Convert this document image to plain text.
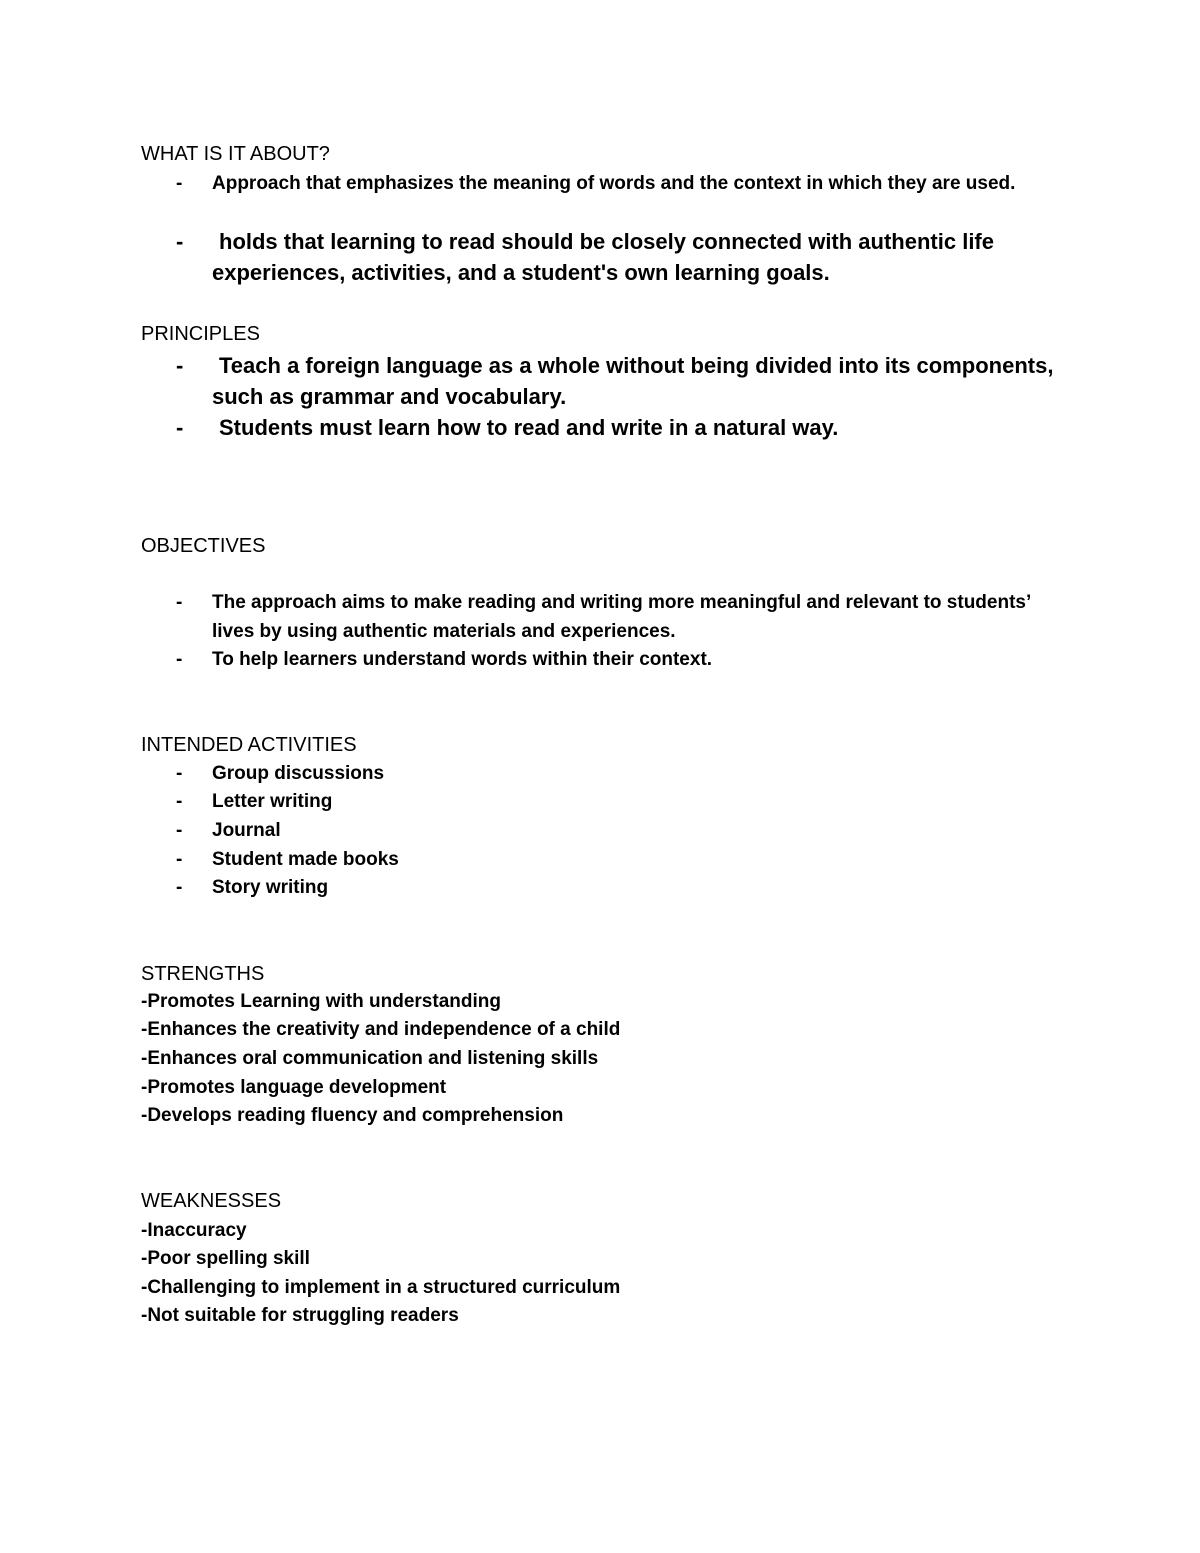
WHAT IS IT ABOUT?
-	Approach that emphasizes the meaning of words and the context in which they are used.
-	holds that learning to read should be closely connected with authentic life experiences, activities, and a student's own learning goals.
PRINCIPLES
-	Teach a foreign language as a whole without being divided into its components, such as grammar and vocabulary.
-	Students must learn how to read and write in a natural way.
OBJECTIVES
-	The approach aims to make reading and writing more meaningful and relevant to students’ lives by using authentic materials and experiences.
-	To help learners understand words within their context.
INTENDED ACTIVITIES
-	Group discussions
-	Letter writing
-	Journal
-	Student made books
-	Story writing
STRENGTHS
-Promotes Learning with understanding
-Enhances the creativity and independence of a child
-Enhances oral communication and listening skills
-Promotes language development
-Develops reading fluency and comprehension
WEAKNESSES
-Inaccuracy
-Poor spelling skill
-Challenging to implement in a structured curriculum
-Not suitable for struggling readers
